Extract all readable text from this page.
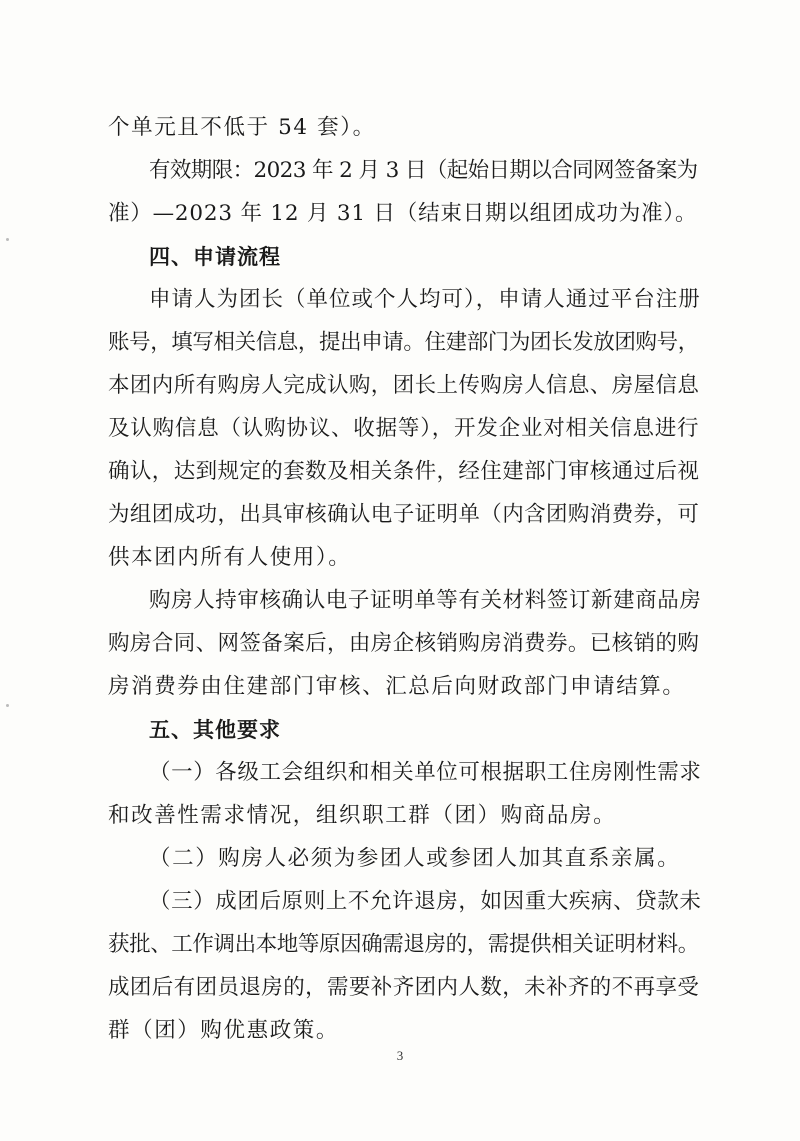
个单元且不低于 54 套）。
有效期限：2023 年 2 月 3 日（起始日期以合同网签备案为
准）—2023 年 12 月 31 日（结束日期以组团成功为准）。
四、申请流程
申请人为团长（单位或个人均可），申请人通过平台注册
账号，填写相关信息，提出申请。住建部门为团长发放团购号，
本团内所有购房人完成认购，团长上传购房人信息、房屋信息
及认购信息（认购协议、收据等），开发企业对相关信息进行
确认，达到规定的套数及相关条件，经住建部门审核通过后视
为组团成功，出具审核确认电子证明单（内含团购消费券，可
供本团内所有人使用）。
购房人持审核确认电子证明单等有关材料签订新建商品房
购房合同、网签备案后，由房企核销购房消费券。已核销的购
房消费券由住建部门审核、汇总后向财政部门申请结算。
五、其他要求
（一）各级工会组织和相关单位可根据职工住房刚性需求
和改善性需求情况，组织职工群（团）购商品房。
（二）购房人必须为参团人或参团人加其直系亲属。
（三）成团后原则上不允许退房，如因重大疾病、贷款未
获批、工作调出本地等原因确需退房的，需提供相关证明材料。
成团后有团员退房的，需要补齐团内人数，未补齐的不再享受
群（团）购优惠政策。
3
